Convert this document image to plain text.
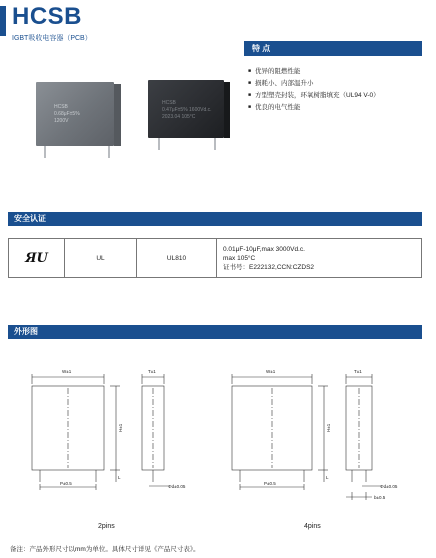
HCSB
IGBT吸收电容器（PCB）
HCSB
0.68μF±5%
1200V
HCSB
0.47μF±5% 1600Vd.c.
2023.04 105°C
特 点
■ 优异的阻燃性能
■ 损耗小、内部温升小
■ 方型塑壳封装，环氧树脂填充（UL94 V-0）
■ 优良的电气性能
安全认证
ЯU	UL	UL810	
0.01μF-10μF,max 3000Vd.c.
max 105°C
证书号：E222132,CCN:CZDS2
外形图
W±1	T±1
H±1
P±0.5
L
Φd±0.05
W±1	T±1
H±1
P±0.5
L
Φd±0.05
b±0.5
2pins	4pins
备注：产品外形尺寸以mm为单位。具体尺寸详见《产品尺寸表》。
